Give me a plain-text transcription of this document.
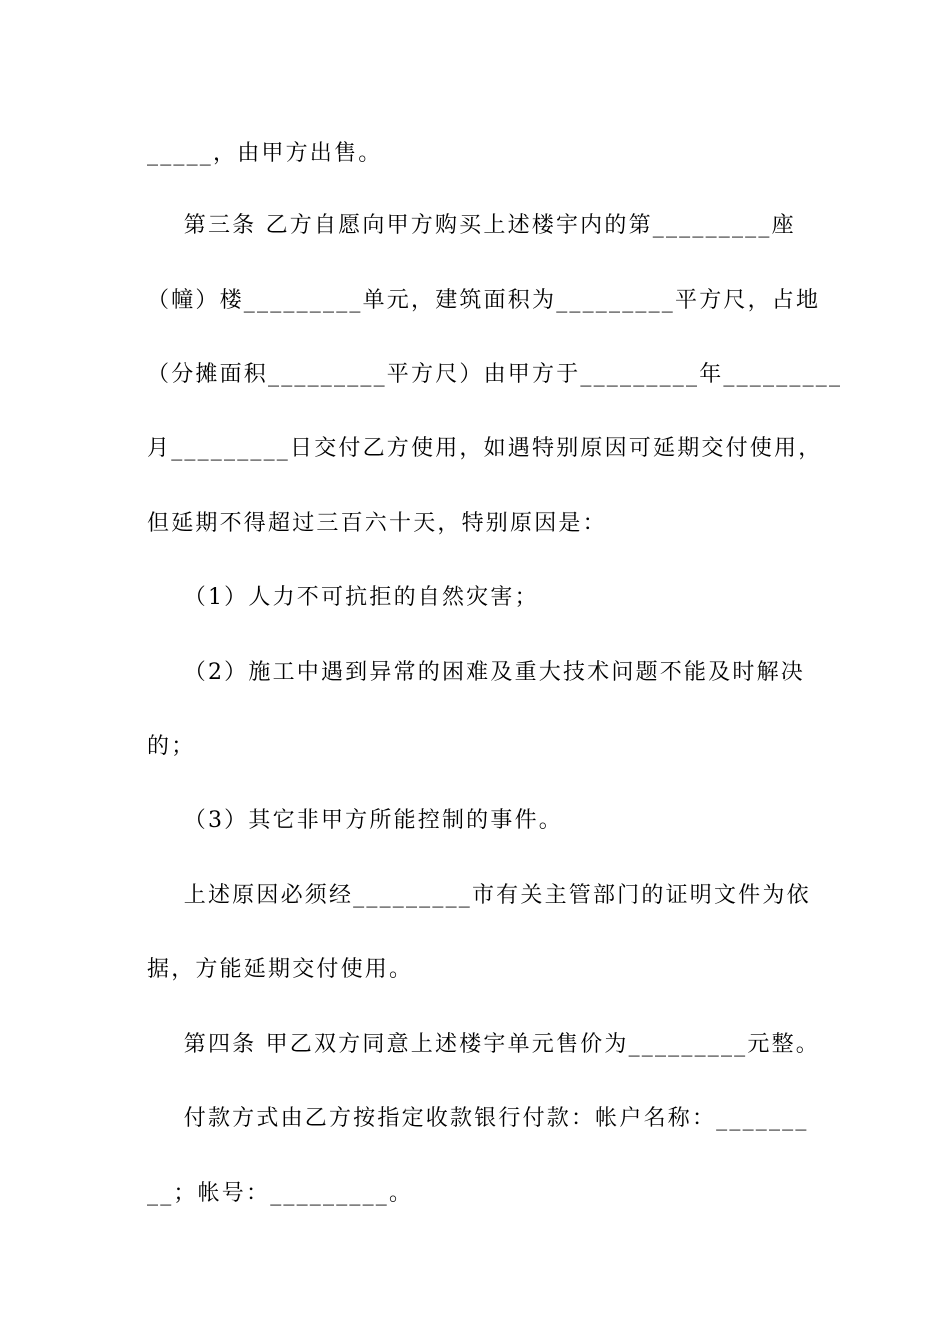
_____，由甲方出售。
第三条 乙方自愿向甲方购买上述楼宇内的第_________座
（幢）楼_________单元，建筑面积为_________平方尺，占地
（分摊面积_________平方尺）由甲方于_________年_________
月_________日交付乙方使用，如遇特别原因可延期交付使用，
但延期不得超过三百六十天，特别原因是：
（1）人力不可抗拒的自然灾害；
（2）施工中遇到异常的困难及重大技术问题不能及时解决
的；
（3）其它非甲方所能控制的事件。
上述原因必须经_________市有关主管部门的证明文件为依
据，方能延期交付使用。
第四条 甲乙双方同意上述楼宇单元售价为_________元整。
付款方式由乙方按指定收款银行付款：帐户名称：_______
__；帐号：_________。
